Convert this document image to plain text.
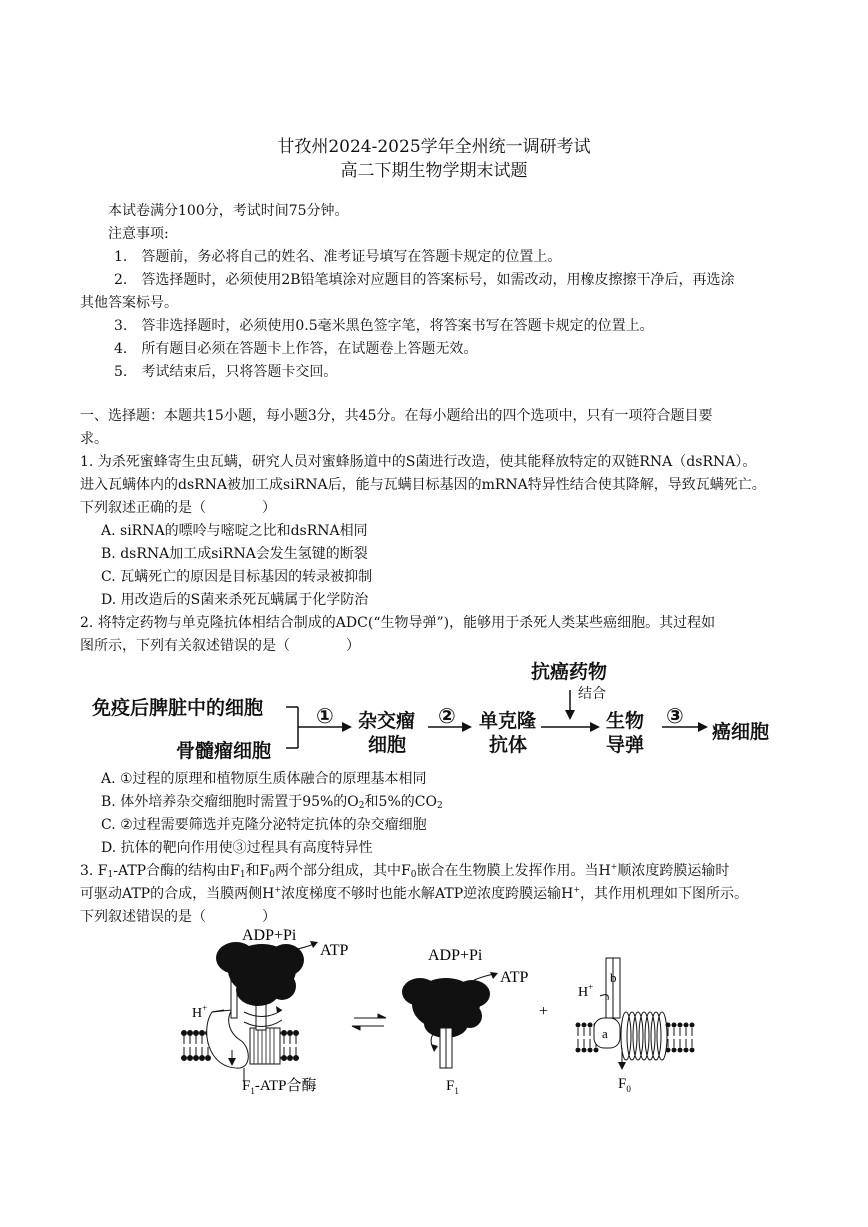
甘孜州2024-2025学年全州统一调研考试
高二下期生物学期末试题
本试卷满分100分，考试时间75分钟。
注意事项:
1.　答题前，务必将自己的姓名、准考证号填写在答题卡规定的位置上。
2.　答选择题时，必须使用2B铅笔填涂对应题目的答案标号，如需改动，用橡皮擦擦干净后，再选涂
其他答案标号。
3.　答非选择题时，必须使用0.5毫米黑色签字笔，将答案书写在答题卡规定的位置上。
4.　所有题目必须在答题卡上作答，在试题卷上答题无效。
5.　考试结束后，只将答题卡交回。
一、选择题：本题共15小题，每小题3分，共45分。在每小题给出的四个选项中，只有一项符合题目要
求。
1. 为杀死蜜蜂寄生虫瓦螨，研究人员对蜜蜂肠道中的S菌进行改造，使其能释放特定的双链RNA（dsRNA）。
进入瓦螨体内的dsRNA被加工成siRNA后，能与瓦螨目标基因的mRNA特异性结合使其降解，导致瓦螨死亡。
下列叙述正确的是（　　　　）
A. siRNA的嘌呤与嘧啶之比和dsRNA相同
B. dsRNA加工成siRNA会发生氢键的断裂
C. 瓦螨死亡的原因是目标基因的转录被抑制
D. 用改造后的S菌来杀死瓦螨属于化学防治
2. 将特定药物与单克隆抗体相结合制成的ADC(“生物导弹”)，能够用于杀死人类某些癌细胞。其过程如
图所示，下列有关叙述错误的是（　　　　）
免疫后脾脏中的细胞
骨髓瘤细胞
① 杂交瘤
细胞
② 单克隆
抗体
抗癌药物
结合
生物
导弹
③
癌细胞
A. ①过程的原理和植物原生质体融合的原理基本相同
B. 体外培养杂交瘤细胞时需置于95%的$O_2$和5%的$CO_2$
C. ②过程需要筛选并克隆分泌特定抗体的杂交瘤细胞
D. 抗体的靶向作用使③过程具有高度特异性
3. $F_1$-ATP合酶的结构由$F_1$和$F_0$两个部分组成，其中$F_0$嵌合在生物膜上发挥作用。当H+顺浓度跨膜运输时
可驱动ATP的合成，当膜两侧H+浓度梯度不够时也能水解ATP逆浓度跨膜运输H+，其作用机理如下图所示。
下列叙述错误的是（　　　　）
ADP+Pi
ATP
H+
$F_1$-ATP合酶
ADP+Pi
ATP
$F_1$
+
H+
a
b
$F_0$
